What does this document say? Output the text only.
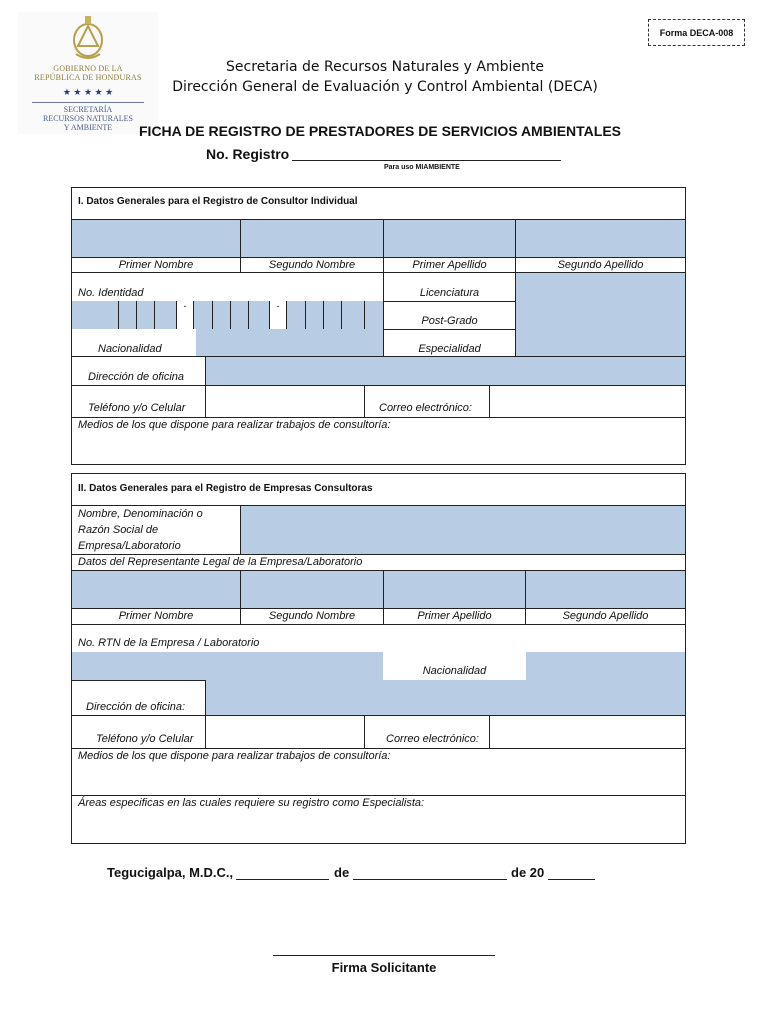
Forma DECA-008
GOBIERNO DE LA
REPÚBLICA DE HONDURAS
★ ★ ★ ★ ★
SECRETARÍA
RECURSOS NATURALES
Y AMBIENTE
Secretaria de Recursos Naturales y Ambiente
Dirección General de Evaluación y Control Ambiental (DECA)
FICHA DE REGISTRO DE PRESTADORES DE SERVICIOS AMBIENTALES
No. Registro
Para uso MIAMBIENTE
I. Datos Generales para el Registro de Consultor Individual
Primer Nombre	Segundo Nombre	Primer Apellido	Segundo Apellido
No. Identidad
-	-
Nacionalidad
Licenciatura
Post-Grado
Especialidad
Dirección de oficina
Teléfono y/o Celular	Correo electrónico:
Medios de los que dispone para realizar trabajos de consultoría:
II. Datos Generales para el Registro de Empresas Consultoras
Nombre, Denominación o
Razón Social de
Empresa/Laboratorio
Datos del Representante Legal de la Empresa/Laboratorio
Primer Nombre	Segundo Nombre	Primer Apellido	Segundo Apellido
No. RTN de la Empresa / Laboratorio
Nacionalidad
Dirección de oficina:
Teléfono y/o Celular	Correo electrónico:
Medios de los que dispone para realizar trabajos de consultoría:
Áreas especificas en las cuales requiere su registro como Especialista:
Tegucigalpa, M.D.C.,	de	de 20
Firma Solicitante
